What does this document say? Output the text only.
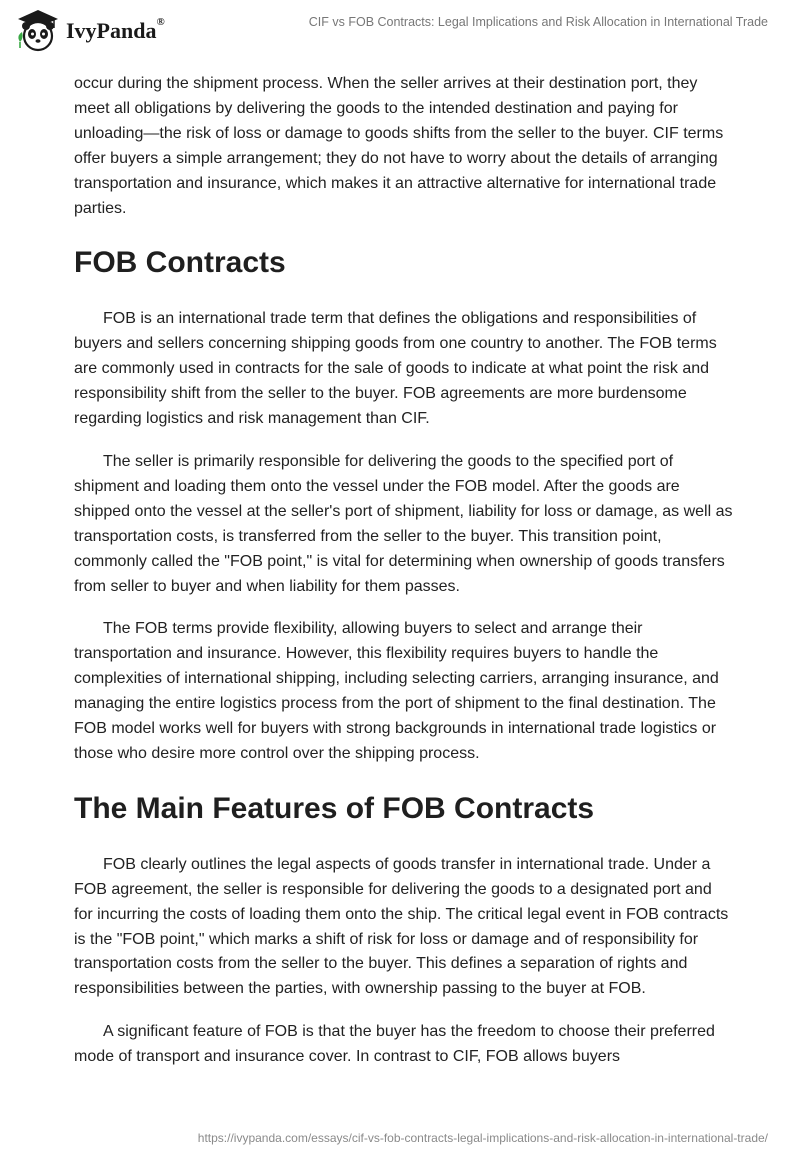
IvyPanda®	CIF vs FOB Contracts: Legal Implications and Risk Allocation in International Trade

occur during the shipment process. When the seller arrives at their destination port, they meet all obligations by delivering the goods to the intended destination and paying for unloading—the risk of loss or damage to goods shifts from the seller to the buyer. CIF terms offer buyers a simple arrangement; they do not have to worry about the details of arranging transportation and insurance, which makes it an attractive alternative for international trade parties.

FOB Contracts

FOB is an international trade term that defines the obligations and responsibilities of buyers and sellers concerning shipping goods from one country to another. The FOB terms are commonly used in contracts for the sale of goods to indicate at what point the risk and responsibility shift from the seller to the buyer. FOB agreements are more burdensome regarding logistics and risk management than CIF.

The seller is primarily responsible for delivering the goods to the specified port of shipment and loading them onto the vessel under the FOB model. After the goods are shipped onto the vessel at the seller's port of shipment, liability for loss or damage, as well as transportation costs, is transferred from the seller to the buyer. This transition point, commonly called the "FOB point," is vital for determining when ownership of goods transfers from seller to buyer and when liability for them passes.

The FOB terms provide flexibility, allowing buyers to select and arrange their transportation and insurance. However, this flexibility requires buyers to handle the complexities of international shipping, including selecting carriers, arranging insurance, and managing the entire logistics process from the port of shipment to the final destination. The FOB model works well for buyers with strong backgrounds in international trade logistics or those who desire more control over the shipping process.

The Main Features of FOB Contracts

FOB clearly outlines the legal aspects of goods transfer in international trade. Under a FOB agreement, the seller is responsible for delivering the goods to a designated port and for incurring the costs of loading them onto the ship. The critical legal event in FOB contracts is the "FOB point," which marks a shift of risk for loss or damage and of responsibility for transportation costs from the seller to the buyer. This defines a separation of rights and responsibilities between the parties, with ownership passing to the buyer at FOB.

A significant feature of FOB is that the buyer has the freedom to choose their preferred mode of transport and insurance cover. In contrast to CIF, FOB allows buyers

https://ivypanda.com/essays/cif-vs-fob-contracts-legal-implications-and-risk-allocation-in-international-trade/
